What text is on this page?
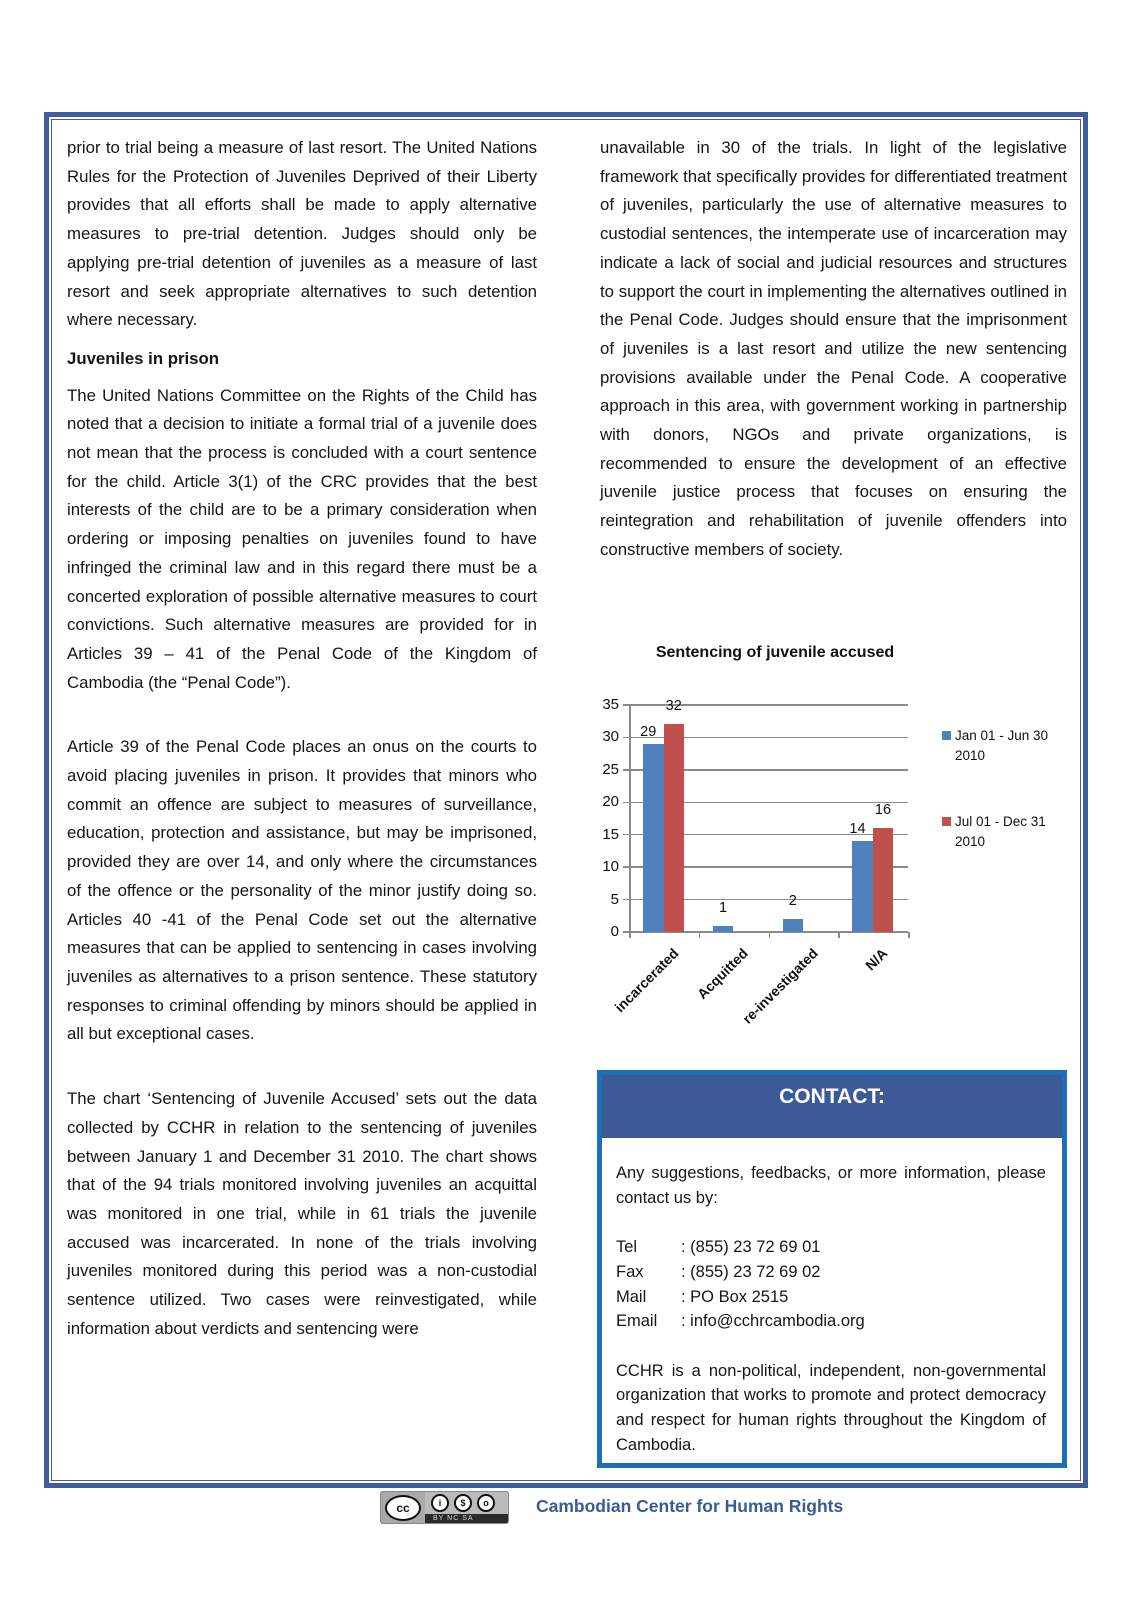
prior to trial being a measure of last resort. The United Nations Rules for the Protection of Juveniles Deprived of their Liberty provides that all efforts shall be made to apply alternative measures to pre-trial detention. Judges should only be applying pre-trial detention of juveniles as a measure of last resort and seek appropriate alternatives to such detention where necessary.

Juveniles in prison

The United Nations Committee on the Rights of the Child has noted that a decision to initiate a formal trial of a juvenile does not mean that the process is concluded with a court sentence for the child. Article 3(1) of the CRC provides that the best interests of the child are to be a primary consideration when ordering or imposing penalties on juveniles found to have infringed the criminal law and in this regard there must be a concerted exploration of possible alternative measures to court convictions. Such alternative measures are provided for in Articles 39 – 41 of the Penal Code of the Kingdom of Cambodia (the “Penal Code”).

Article 39 of the Penal Code places an onus on the courts to avoid placing juveniles in prison. It provides that minors who commit an offence are subject to measures of surveillance, education, protection and assistance, but may be imprisoned, provided they are over 14, and only where the circumstances of the offence or the personality of the minor justify doing so. Articles 40 -41 of the Penal Code set out the alternative measures that can be applied to sentencing in cases involving juveniles as alternatives to a prison sentence. These statutory responses to criminal offending by minors should be applied in all but exceptional cases.

The chart ‘Sentencing of Juvenile Accused’ sets out the data collected by CCHR in relation to the sentencing of juveniles between January 1 and December 31 2010. The chart shows that of the 94 trials monitored involving juveniles an acquittal was monitored in one trial, while in 61 trials the juvenile accused was incarcerated. In none of the trials involving juveniles monitored during this period was a non-custodial sentence utilized. Two cases were reinvestigated, while information about verdicts and sentencing were

unavailable in 30 of the trials. In light of the legislative framework that specifically provides for differentiated treatment of juveniles, particularly the use of alternative measures to custodial sentences, the intemperate use of incarceration may indicate a lack of social and judicial resources and structures to support the court in implementing the alternatives outlined in the Penal Code. Judges should ensure that the imprisonment of juveniles is a last resort and utilize the new sentencing provisions available under the Penal Code. A cooperative approach in this area, with government working in partnership with donors, NGOs and private organizations, is recommended to ensure the development of an effective juvenile justice process that focuses on ensuring the reintegration and rehabilitation of juvenile offenders into constructive members of society.

Sentencing of juvenile accused
0
5
10
15
20
25
30
35
29
32
incarcerated
1
Acquitted
2
re-investigated
14
16
N/A
Jan 01 - Jun 30
2010
Jul 01 - Dec 31
2010
CONTACT:

Any suggestions, feedbacks, or more information, please contact us by:

Tel	: (855) 23 72 69 01
Fax	: (855) 23 72 69 02
Mail	: PO Box 2515
Email	: info@cchrcambodia.org

CCHR is a non-political, independent, non-governmental organization that works to promote and protect democracy and respect for human rights throughout the Kingdom of Cambodia.

cc	i	$	o
BY NC SA
Cambodian Center for Human Rights
